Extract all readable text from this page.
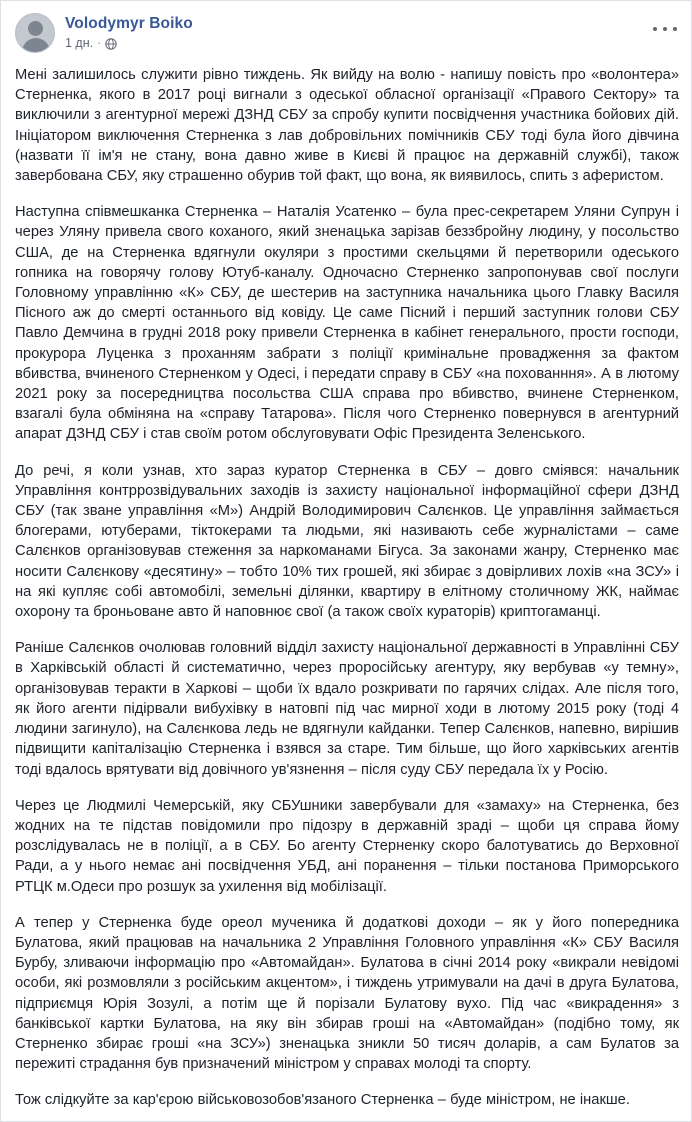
Volodymyr Boiko
1 дн. ·

Мені залишилось служити рівно тиждень. Як вийду на волю - напишу повість про «волонтера» Стерненка, якого в 2017 році вигнали з одеської обласної організації «Правого Сектору» та виключили з агентурної мережі ДЗНД СБУ за спробу купити посвідчення участника бойових дій. Ініціатором виключення Стерненка з лав добровільних помічників СБУ тоді була його дівчина (назвати її ім'я не стану, вона давно живе в Києві й працює на державній службі), також завербована СБУ, яку страшенно обурив той факт, що вона, як виявилось, спить з аферистом.

Наступна співмешканка Стерненка – Наталія Усатенко – була прес-секретарем Уляни Супрун і через Уляну привела свого коханого, який зненацька зарізав беззбройну людину, у посольство США, де на Стерненка вдягнули окуляри з простими скельцями й перетворили одеського гопника на говорячу голову Ютуб-каналу. Одночасно Стерненко запропонував свої послуги Головному управлінню «К» СБУ, де шестерив на заступника начальника цього Главку Василя Пісного аж до смерті останнього від ковіду. Це саме Пісний і перший заступник голови СБУ Павло Демчина в грудні 2018 року привели Стерненка в кабінет генерального, прости господи, прокурора Луценка з проханням забрати з поліції кримінальне провадження за фактом вбивства, вчиненого Стерненком у Одесі, і передати справу в СБУ «на похованння». А в лютому 2021 року за посередництва посольства США справа про вбивство, вчинене Стерненком, взагалі була обміняна на «справу Татарова». Після чого Стерненко повернувся в агентурний апарат ДЗНД СБУ і став своїм ротом обслуговувати Офіс Президента Зеленського.

До речі, я коли узнав, хто зараз куратор Стерненка в СБУ – довго смiявся: начальник Управління контррозвідувальних заходів із захисту національної інформаційної сфери ДЗНД СБУ (так зване управління «М») Андрій Володимирович Салєнков. Це управління займається блогерами, ютуберами, тіктокерами та людьми, які називають себе журналістами – саме Салєнков організовував стеження за наркоманами Бігуса. За законами жанру, Стерненко має носити Салєнкову «десятину» – тобто 10% тих грошей, які збирає з довірливих лохів «на ЗСУ» і на які купляє собі автомобілі, земельні ділянки, квартиру в елітному столичному ЖК, наймає охорону та броньоване авто й наповнює свої (а також своїх куратoрів) криптогаманці.

Раніше Салєнков очолював головний відділ захисту національної державності в Управлінні СБУ в Харківській області й систематично, через проросійську агентуру, яку вербував «у темну», організовував теракти в Харкові – щоби їх вдало розкривати по гарячих слідах. Але після того, як його агенти підірвали вибухівку в натовпі під час мирної ходи в лютому 2015 року (тоді 4 людини загинуло), на Салєнкова ледь не вдягнули кайданки. Тепер Салєнков, напевно, вирішив підвищити капіталізацію Стерненка і взявся за старе. Тим більше, що його харківських агентів тоді вдалось врятувати від довічного ув'язнення – після суду СБУ передала їх у Росію.

Через це Людмилі Чемерській, яку СБУшники завербували для «замаху» на Стерненка, без жодних на те підстав повідомили про підозру в державній зраді – щоби ця справа йому розслідувалась не в поліції, а в СБУ. Бо агенту Стерненку скоро балотуватись до Верховної Ради, а у нього немає ані посвідчення УБД, ані поранення – тільки постанова Приморського РТЦК м.Одеси про розшук за ухилення від мобілізації.

А тепер у Стерненка буде ореол мученика й додаткові доходи – як у його попередника Булатова, який працював на начальника 2 Управління Головного управління «К» СБУ Василя Бурбу, зливаючи інформацію про «Автомайдан». Булатова в січні 2014 року «викрали невідомі особи, які розмовляли з російським акцентом», і тиждень утримували на дачі в друга Булатова, підприємця Юрія Зозулі, а потім ще й порізали Булатову вухо. Під час «викрадення» з банківської картки Булатова, на яку він збирав гроші на «Автомайдан» (подібно тому, як Стерненко збирає гроші «на ЗСУ») зненацька зникли 50 тисяч доларів, а сам Булатов за пережиті страдання був призначений міністром у справах молоді та спорту.

Тож слідкуйте за кар'єрою військовозобов'язаного Стерненка – буде міністром, не інакше.
